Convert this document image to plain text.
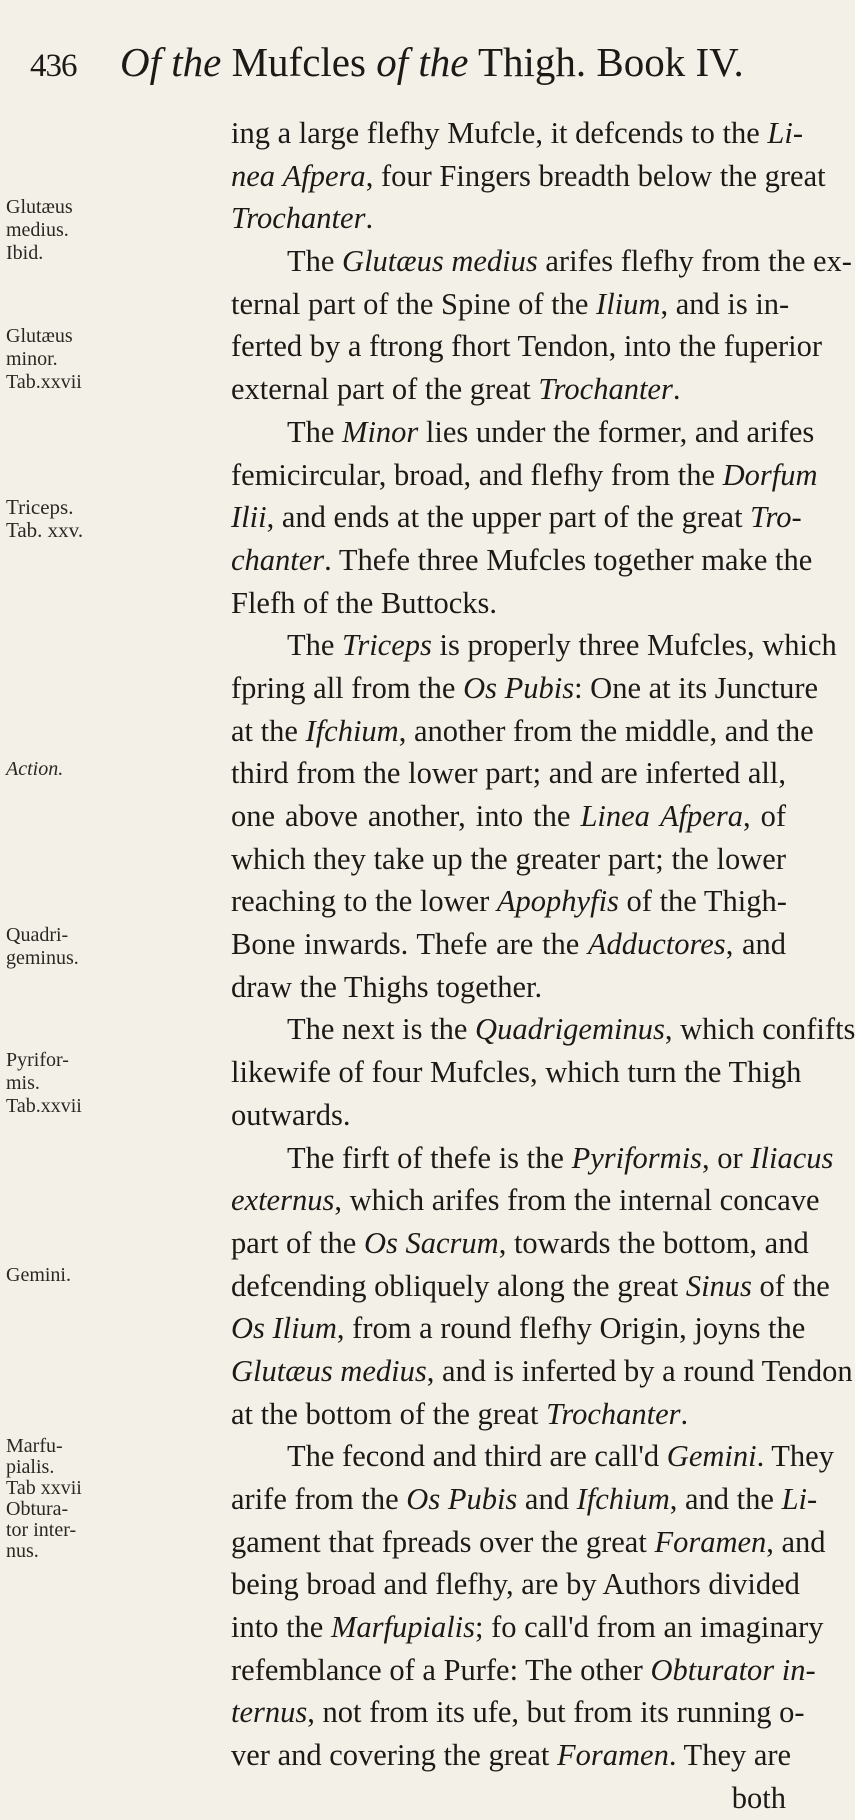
436 Of the Mufcles of the Thigh. Book IV.
Glutæus
medius.
Ibid.
Glutæus
minor.
Tab.xxvii
Triceps.
Tab. xxv.
Action.
Quadri-
geminus.
Pyrifor-
mis.
Tab.xxvii
Gemini.
Marfu-
pialis.
Tab xxvii
Obtura-
tor inter-
nus.
ing a large flefhy Mufcle, it defcends to the Li-
nea Afpera, four Fingers breadth below the great
Trochanter.
The Glutæus medius arifes flefhy from the ex-
ternal part of the Spine of the Ilium, and is in-
ferted by a ftrong fhort Tendon, into the fuperior
external part of the great Trochanter.
The Minor lies under the former, and arifes
femicircular, broad, and flefhy from the Dorfum
Ilii, and ends at the upper part of the great Tro-
chanter. Thefe three Mufcles together make the
Flefh of the Buttocks.
The Triceps is properly three Mufcles, which
fpring all from the Os Pubis: One at its Juncture
at the Ifchium, another from the middle, and the
third from the lower part; and are inferted all,
one above another, into the Linea Afpera, of
which they take up the greater part; the lower
reaching to the lower Apophyfis of the Thigh-
Bone inwards. Thefe are the Adductores, and
draw the Thighs together.
The next is the Quadrigeminus, which confifts
likewife of four Mufcles, which turn the Thigh
outwards.
The firft of thefe is the Pyriformis, or Iliacus
externus, which arifes from the internal concave
part of the Os Sacrum, towards the bottom, and
defcending obliquely along the great Sinus of the
Os Ilium, from a round flefhy Origin, joyns the
Glutæus medius, and is inferted by a round Tendon
at the bottom of the great Trochanter.
The fecond and third are call'd Gemini. They
arife from the Os Pubis and Ifchium, and the Li-
gament that fpreads over the great Foramen, and
being broad and flefhy, are by Authors divided
into the Marfupialis; fo call'd from an imaginary
refemblance of a Purfe: The other Obturator in-
ternus, not from its ufe, but from its running o-
ver and covering the great Foramen. They are
both
